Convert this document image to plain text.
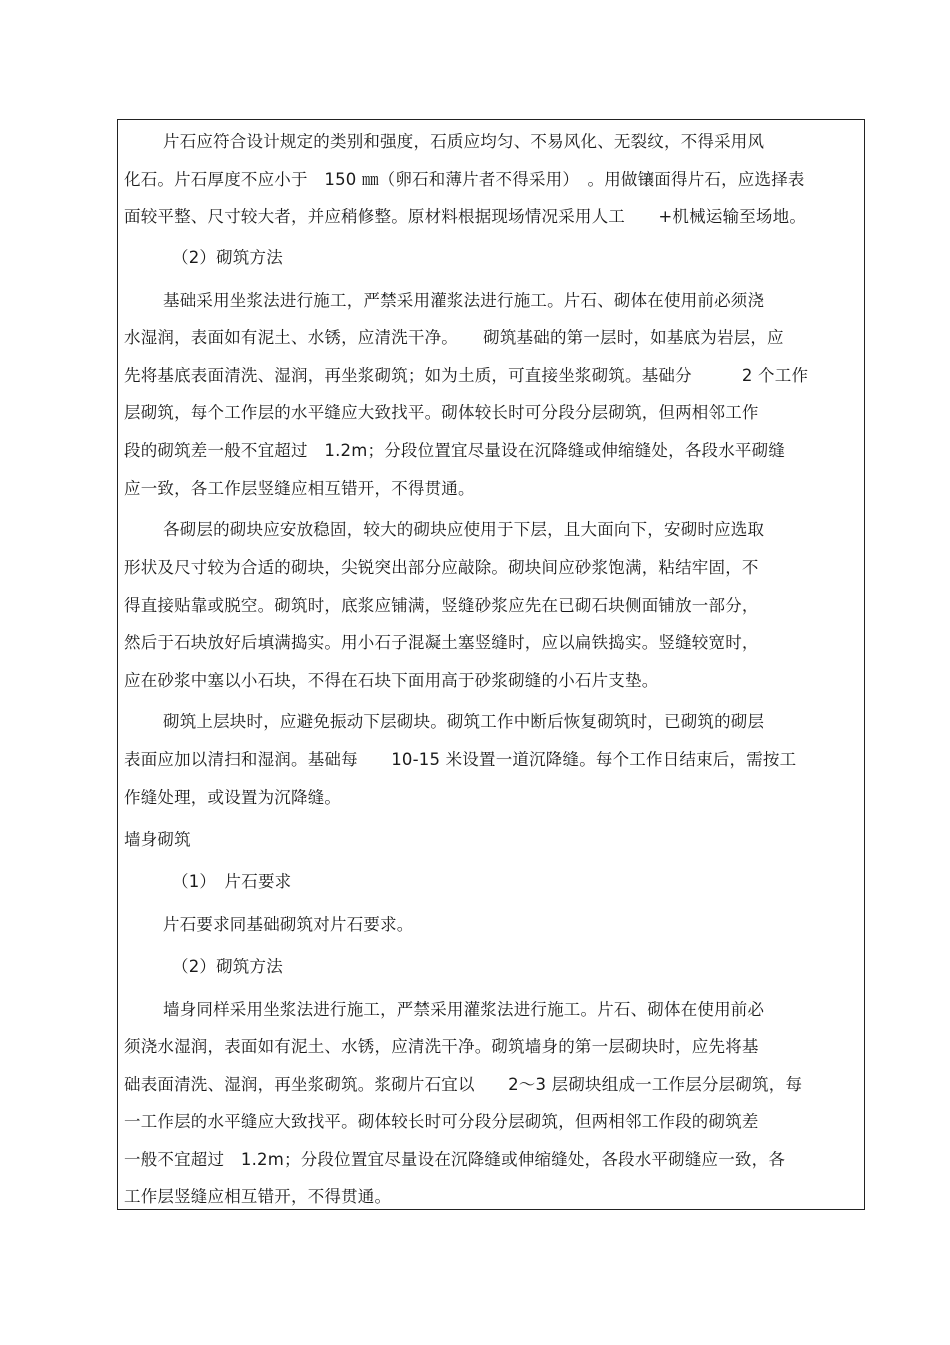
片石应符合设计规定的类别和强度，石质应均匀、不易风化、无裂纹，不得采用风
化石。片石厚度不应小于　150 ㎜（卵石和薄片者不得采用）　。用做镶面得片石，应选择表
面较平整、尺寸较大者，并应稍修整。原材料根据现场情况采用人工　　+机械运输至场地。
（2）砌筑方法
基础采用坐浆法进行施工，严禁采用灌浆法进行施工。片石、砌体在使用前必须浇
水湿润，表面如有泥土、水锈，应清洗干净。　　砌筑基础的第一层时，如基底为岩层，应
先将基底表面清洗、湿润，再坐浆砌筑；如为土质，可直接坐浆砌筑。基础分　　　2 个工作
层砌筑，每个工作层的水平缝应大致找平。砌体较长时可分段分层砌筑，但两相邻工作
段的砌筑差一般不宜超过　1.2m；分段位置宜尽量设在沉降缝或伸缩缝处，各段水平砌缝
应一致，各工作层竖缝应相互错开，不得贯通。
各砌层的砌块应安放稳固，较大的砌块应使用于下层，且大面向下，安砌时应选取
形状及尺寸较为合适的砌块，尖锐突出部分应敲除。砌块间应砂浆饱满，粘结牢固，不
得直接贴靠或脱空。砌筑时，底浆应铺满，竖缝砂浆应先在已砌石块侧面铺放一部分，
然后于石块放好后填满捣实。用小石子混凝土塞竖缝时，应以扁铁捣实。竖缝较宽时，
应在砂浆中塞以小石块，不得在石块下面用高于砂浆砌缝的小石片支垫。
砌筑上层块时，应避免振动下层砌块。砌筑工作中断后恢复砌筑时，已砌筑的砌层
表面应加以清扫和湿润。基础每　　10-15 米设置一道沉降缝。每个工作日结束后，需按工
作缝处理，或设置为沉降缝。
墙身砌筑
（1）　片石要求
片石要求同基础砌筑对片石要求。
（2）砌筑方法
墙身同样采用坐浆法进行施工，严禁采用灌浆法进行施工。片石、砌体在使用前必
须浇水湿润，表面如有泥土、水锈，应清洗干净。砌筑墙身的第一层砌块时，应先将基
础表面清洗、湿润，再坐浆砌筑。浆砌片石宜以　　2～3 层砌块组成一工作层分层砌筑，每
一工作层的水平缝应大致找平。砌体较长时可分段分层砌筑，但两相邻工作段的砌筑差
一般不宜超过　1.2m；分段位置宜尽量设在沉降缝或伸缩缝处，各段水平砌缝应一致，各
工作层竖缝应相互错开，不得贯通。
